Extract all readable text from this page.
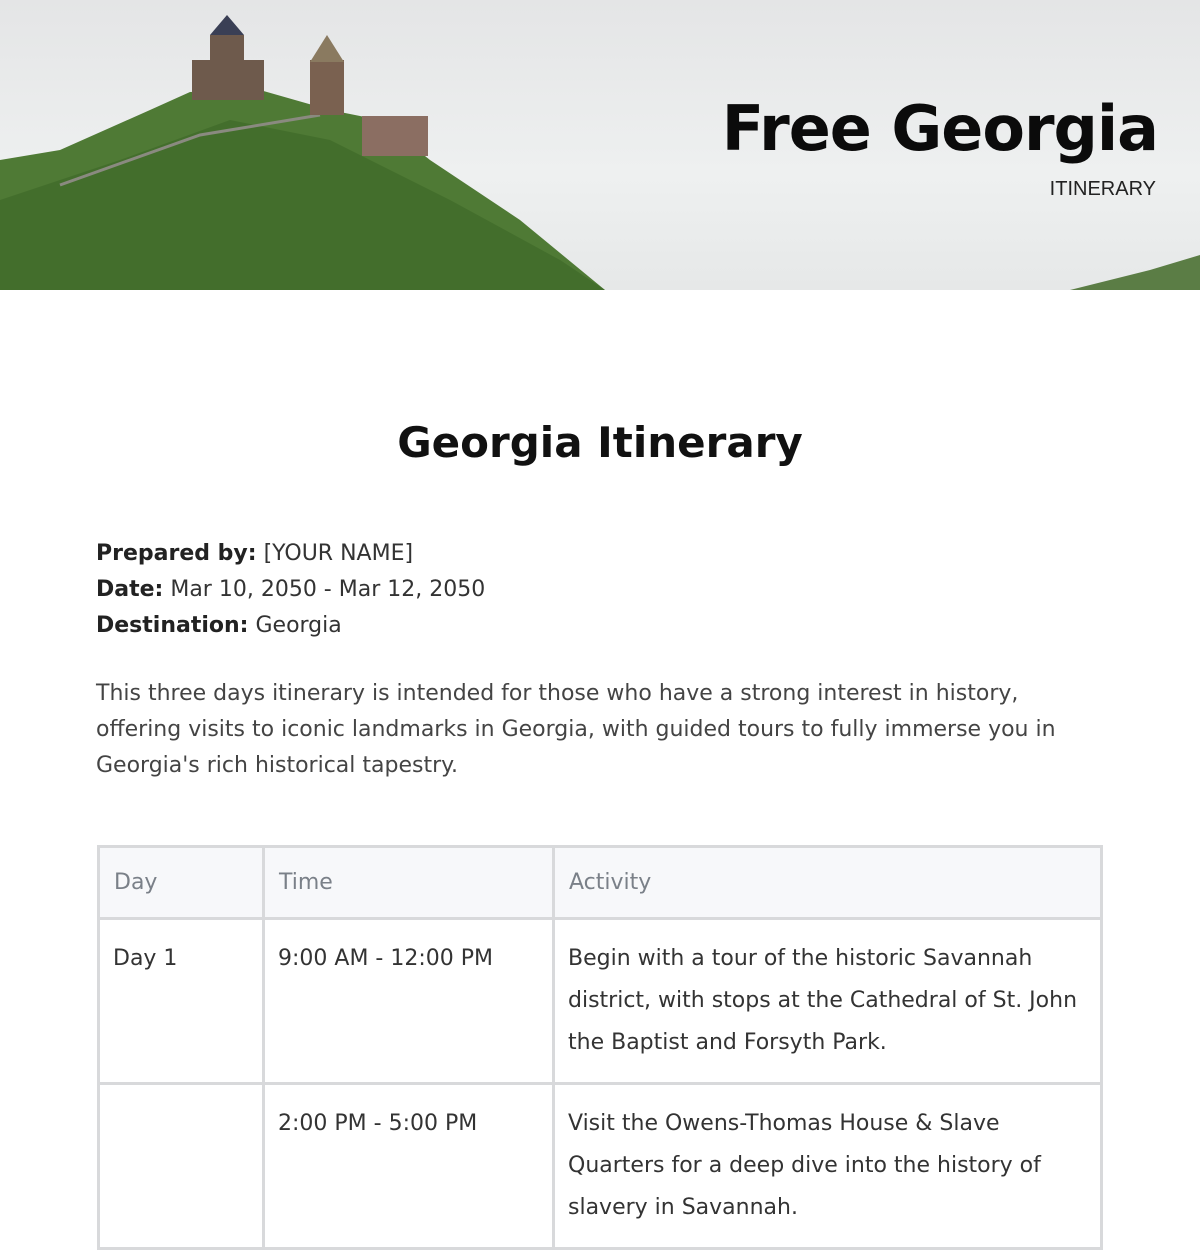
Free Georgia
ITINERARY
Georgia Itinerary
Prepared by: [YOUR NAME]
Date: Mar 10, 2050 - Mar 12, 2050
Destination: Georgia

This three days itinerary is intended for those who have a strong interest in history, offering visits to iconic landmarks in Georgia, with guided tours to fully immerse you in Georgia's rich historical tapestry.

Day	Time	Activity
Day 1	9:00 AM - 12:00 PM	Begin with a tour of the historic Savannah district, with stops at the Cathedral of St. John the Baptist and Forsyth Park.
	2:00 PM - 5:00 PM	Visit the Owens-Thomas House & Slave Quarters for a deep dive into the history of slavery in Savannah.
